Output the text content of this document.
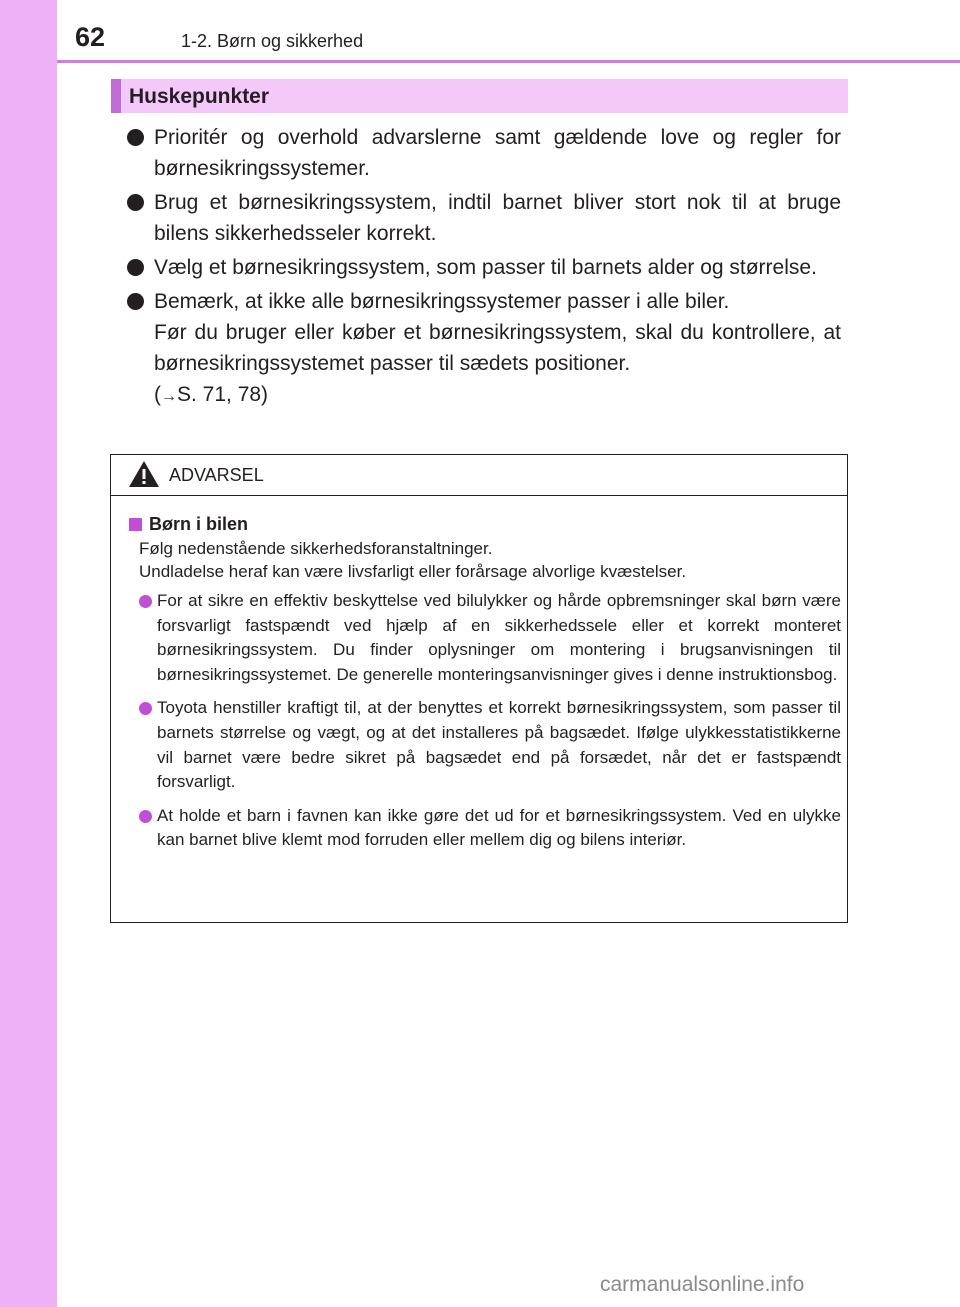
62	1-2. Børn og sikkerhed
Huskepunkter

Prioritér og overhold advarslerne samt gældende love og regler for børnesikringssystemer.

Brug et børnesikringssystem, indtil barnet bliver stort nok til at bruge bilens sikkerhedsseler korrekt.

Vælg et børnesikringssystem, som passer til barnets alder og størrelse.

Bemærk, at ikke alle børnesikringssystemer passer i alle biler.

Før du bruger eller køber et børnesikringssystem, skal du kontrollere, at børnesikringssystemet passer til sædets positioner.

(→S. 71, 78)

ADVARSEL
Børn i bilen
Følg nedenstående sikkerhedsforanstaltninger.
Undladelse heraf kan være livsfarligt eller forårsage alvorlige kvæstelser.
For at sikre en effektiv beskyttelse ved bilulykker og hårde opbremsninger skal børn være forsvarligt fastspændt ved hjælp af en sikkerhedssele eller et korrekt monteret børnesikringssystem. Du finder oplysninger om montering i brugsanvisningen til børnesikringssystemet. De generelle monteringsanvisninger gives i denne instruktionsbog.
Toyota henstiller kraftigt til, at der benyttes et korrekt børnesikringssystem, som passer til barnets størrelse og vægt, og at det installeres på bagsædet. Ifølge ulykkesstatistikkerne vil barnet være bedre sikret på bagsædet end på forsædet, når det er fastspændt forsvarligt.
At holde et barn i favnen kan ikke gøre det ud for et børnesikringssystem. Ved en ulykke kan barnet blive klemt mod forruden eller mellem dig og bilens interiør.
carmanualsonline.info
